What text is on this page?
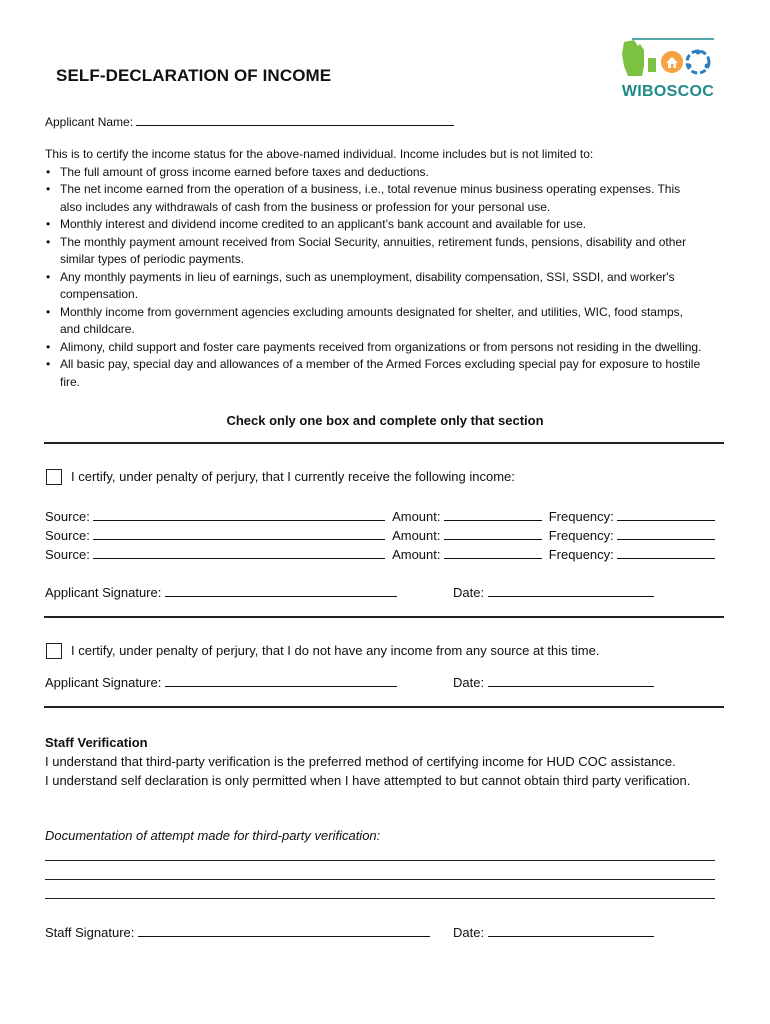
SELF-DECLARATION OF INCOME
WIBOSCOC
Applicant Name:
This is to certify the income status for the above-named individual. Income includes but is not limited to:
• The full amount of gross income earned before taxes and deductions.
• The net income earned from the operation of a business, i.e., total revenue minus business operating expenses. This also includes any withdrawals of cash from the business or profession for your personal use.
• Monthly interest and dividend income credited to an applicant’s bank account and available for use.
• The monthly payment amount received from Social Security, annuities, retirement funds, pensions, disability and other similar types of periodic payments.
• Any monthly payments in lieu of earnings, such as unemployment, disability compensation, SSI, SSDI, and worker's compensation.
• Monthly income from government agencies excluding amounts designated for shelter, and utilities, WIC, food stamps, and childcare.
• Alimony, child support and foster care payments received from organizations or from persons not residing in the dwelling.
• All basic pay, special day and allowances of a member of the Armed Forces excluding special pay for exposure to hostile fire.
Check only one box and complete only that section
I certify, under penalty of perjury, that I currently receive the following income:
Source:	Amount:	Frequency:
Source:	Amount:	Frequency:
Source:	Amount:	Frequency:
Applicant Signature:	Date:
I certify, under penalty of perjury, that I do not have any income from any source at this time.
Applicant Signature:	Date:
Staff Verification
I understand that third-party verification is the preferred method of certifying income for HUD COC assistance.
I understand self declaration is only permitted when I have attempted to but cannot obtain third party verification.
Documentation of attempt made for third-party verification:
Staff Signature:	Date:
